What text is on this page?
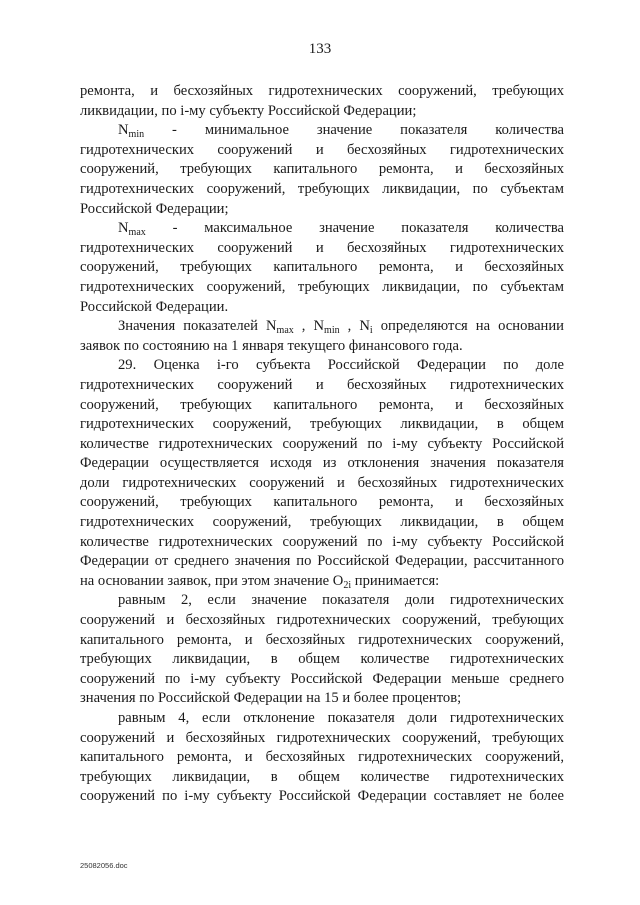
133
ремонта, и бесхозяйных гидротехнических сооружений, требующих
ликвидации, по i-му субъекту Российской Федерации;
$N_{min}$ - минимальное значение показателя количества
гидротехнических сооружений и бесхозяйных гидротехнических
сооружений, требующих капитального ремонта, и бесхозяйных
гидротехнических сооружений, требующих ликвидации, по субъектам
Российской Федерации;
$N_{max}$ - максимальное значение показателя количества
гидротехнических сооружений и бесхозяйных гидротехнических
сооружений, требующих капитального ремонта, и бесхозяйных
гидротехнических сооружений, требующих ликвидации, по субъектам
Российской Федерации.
Значения показателей $N_{max}$ , $N_{min}$ , $N_i$ определяются на основании
заявок по состоянию на 1 января текущего финансового года.
29. Оценка i-го субъекта Российской Федерации по доле
гидротехнических сооружений и бесхозяйных гидротехнических
сооружений, требующих капитального ремонта, и бесхозяйных
гидротехнических сооружений, требующих ликвидации, в общем
количестве гидротехнических сооружений по i-му субъекту Российской
Федерации осуществляется исходя из отклонения значения показателя
доли гидротехнических сооружений и бесхозяйных гидротехнических
сооружений, требующих капитального ремонта, и бесхозяйных
гидротехнических сооружений, требующих ликвидации, в общем
количестве гидротехнических сооружений по i-му субъекту Российской
Федерации от среднего значения по Российской Федерации, рассчитанного
на основании заявок, при этом значение $O_{2i}$ принимается:
равным 2, если значение показателя доли гидротехнических
сооружений и бесхозяйных гидротехнических сооружений, требующих
капитального ремонта, и бесхозяйных гидротехнических сооружений,
требующих ликвидации, в общем количестве гидротехнических
сооружений по i-му субъекту Российской Федерации меньше среднего
значения по Российской Федерации на 15 и более процентов;
равным 4, если отклонение показателя доли гидротехнических
сооружений и бесхозяйных гидротехнических сооружений, требующих
капитального ремонта, и бесхозяйных гидротехнических сооружений,
требующих ликвидации, в общем количестве гидротехнических
сооружений по i-му субъекту Российской Федерации составляет не более
25082056.doc
